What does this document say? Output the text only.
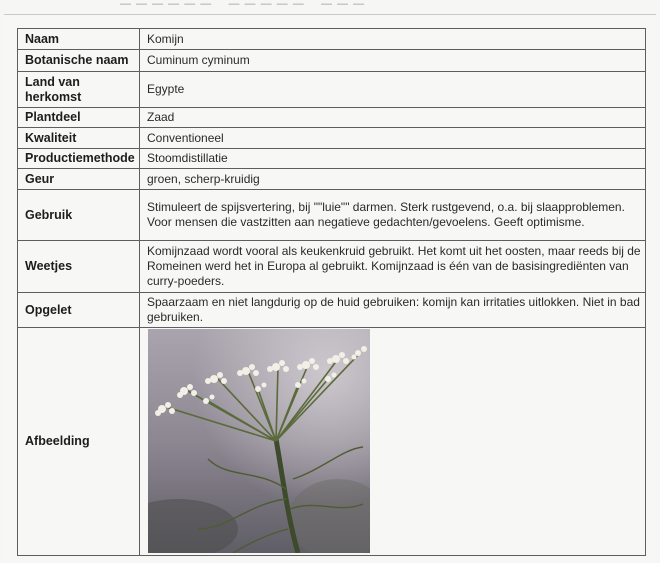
— — — — — —    — — — — —    — — —
Naam	Komijn
Botanische naam	Cuminum cyminum
Land van herkomst	Egypte
Plantdeel	Zaad
Kwaliteit	Conventioneel
Productiemethode	Stoomdistillatie
Geur	groen, scherp-kruidig
Gebruik	Stimuleert de spijsvertering, bij ""luie"" darmen. Sterk rustgevend, o.a. bij slaapproblemen. Voor mensen die vastzitten aan negatieve gedachten/gevoelens. Geeft optimisme.
Weetjes	Komijnzaad wordt vooral als keukenkruid gebruikt. Het komt uit het oosten, maar reeds bij de Romeinen werd het in Europa al gebruikt. Komijnzaad is één van de basisingrediënten van curry-poeders.
Opgelet	Spaarzaam en niet langdurig op de huid gebruiken: komijn kan irritaties uitlokken. Niet in bad gebruiken.
Afbeelding	
